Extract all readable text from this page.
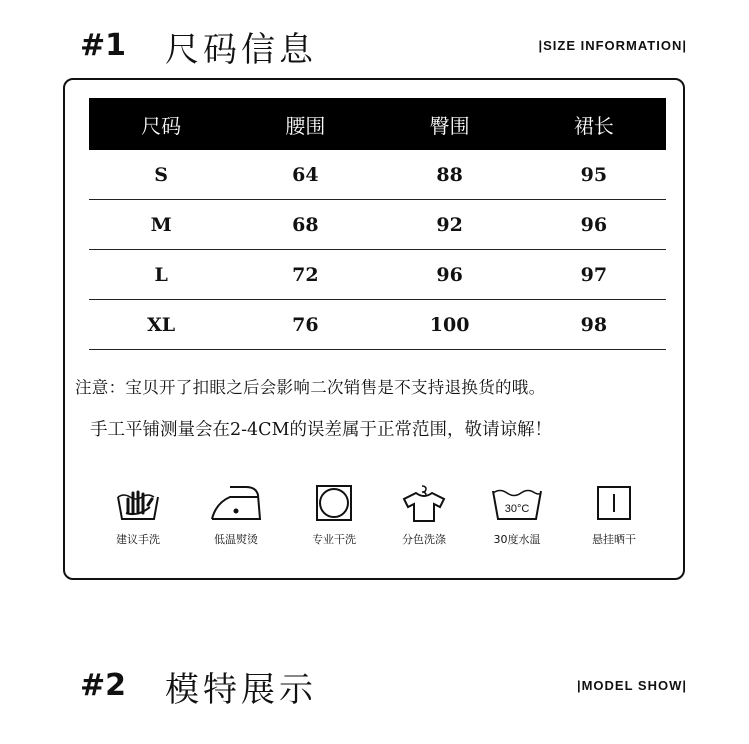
#1 尺码信息	|SIZE INFORMATION|
尺码	腰围	臀围	裙长
S	64	88	95
M	68	92	96
L	72	96	97
XL	76	100	98
注意：宝贝开了扣眼之后会影响二次销售是不支持退换货的哦。
手工平铺测量会在2-4CM的误差属于正常范围，敬请谅解！
建议手洗	低温熨烫	专业干洗	分色洗涤
30°C
30度水温	悬挂晒干
#2 模特展示	|MODEL SHOW|
